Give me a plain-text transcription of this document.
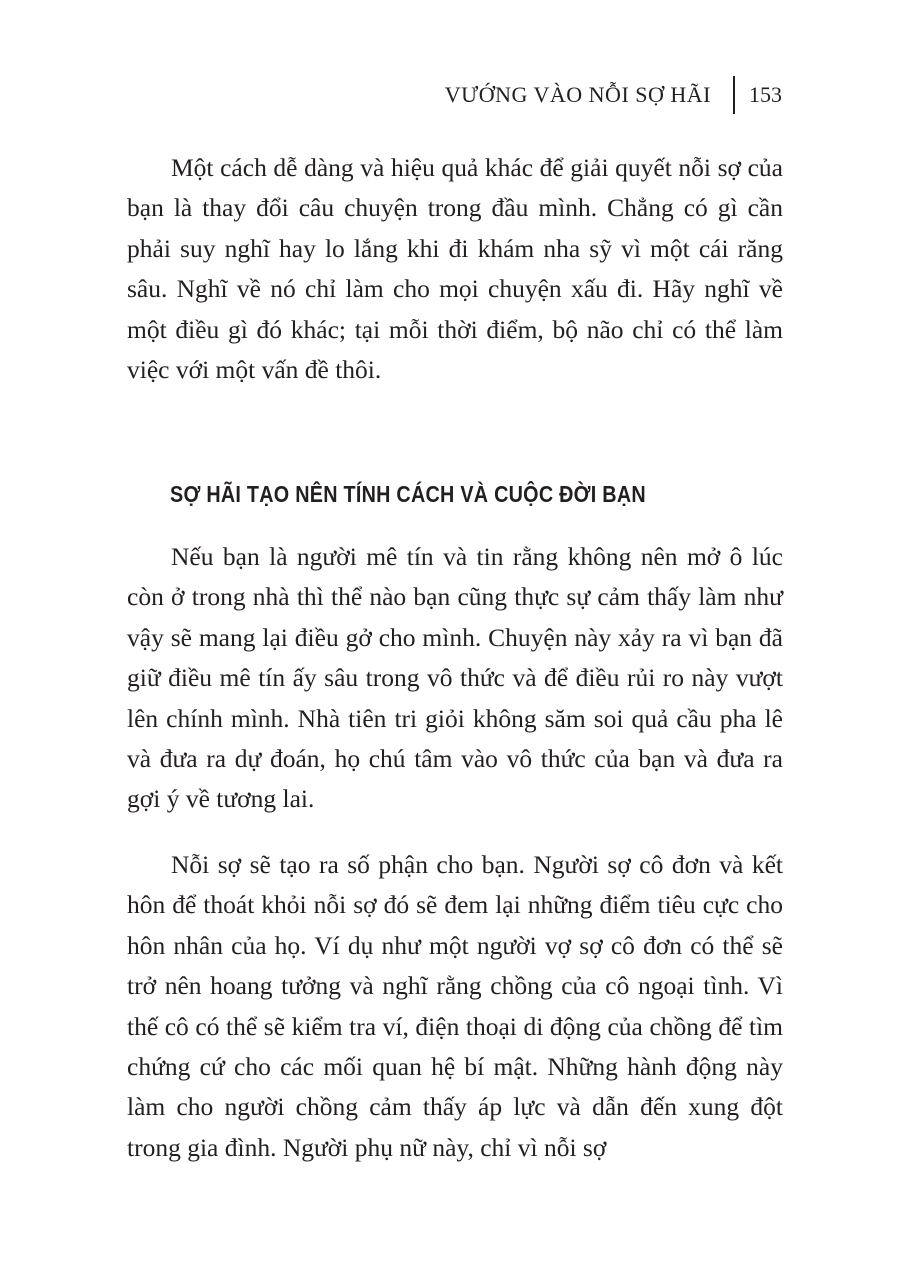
VƯỚNG VÀO NỖI SỢ HÃI 153

Một cách dễ dàng và hiệu quả khác để giải quyết nỗi sợ của bạn là thay đổi câu chuyện trong đầu mình. Chẳng có gì cần phải suy nghĩ hay lo lắng khi đi khám nha sỹ vì một cái răng sâu. Nghĩ về nó chỉ làm cho mọi chuyện xấu đi. Hãy nghĩ về một điều gì đó khác; tại mỗi thời điểm, bộ não chỉ có thể làm việc với một vấn đề thôi.

SỢ HÃI TẠO NÊN TÍNH CÁCH VÀ CUỘC ĐỜI BẠN

Nếu bạn là người mê tín và tin rằng không nên mở ô lúc còn ở trong nhà thì thể nào bạn cũng thực sự cảm thấy làm như vậy sẽ mang lại điều gở cho mình. Chuyện này xảy ra vì bạn đã giữ điều mê tín ấy sâu trong vô thức và để điều rủi ro này vượt lên chính mình. Nhà tiên tri giỏi không săm soi quả cầu pha lê và đưa ra dự đoán, họ chú tâm vào vô thức của bạn và đưa ra gợi ý về tương lai.

Nỗi sợ sẽ tạo ra số phận cho bạn. Người sợ cô đơn và kết hôn để thoát khỏi nỗi sợ đó sẽ đem lại những điểm tiêu cực cho hôn nhân của họ. Ví dụ như một người vợ sợ cô đơn có thể sẽ trở nên hoang tưởng và nghĩ rằng chồng của cô ngoại tình. Vì thế cô có thể sẽ kiểm tra ví, điện thoại di động của chồng để tìm chứng cứ cho các mối quan hệ bí mật. Những hành động này làm cho người chồng cảm thấy áp lực và dẫn đến xung đột trong gia đình. Người phụ nữ này, chỉ vì nỗi sợ
